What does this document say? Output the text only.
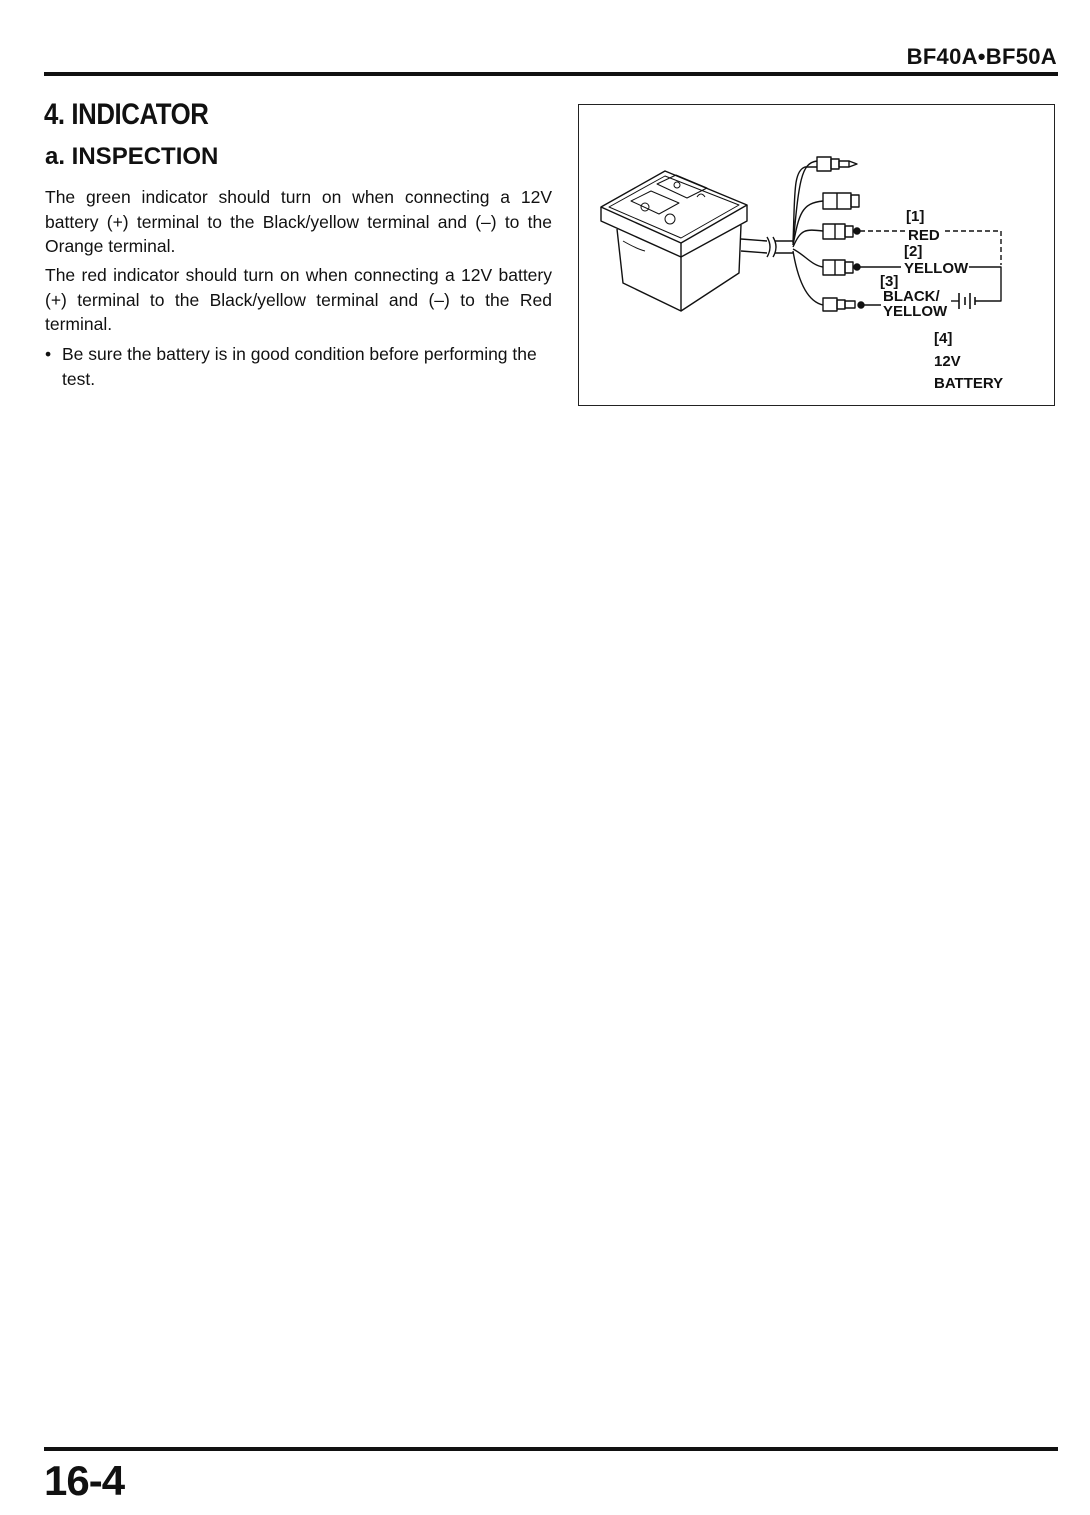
BF40A•BF50A
4. INDICATOR
a. INSPECTION

The green indicator should turn on when connecting a 12V battery (+) terminal to the Black/yellow terminal and (–) to the Orange terminal.

The red indicator should turn on when connecting a 12V battery (+) terminal to the Black/yellow terminal and (–) to the Red terminal.

• Be sure the battery is in good condition before performing the test.
[1]
RED
[2]
YELLOW
[3]
BLACK/
YELLOW
[4]
12V
BATTERY
16-4
